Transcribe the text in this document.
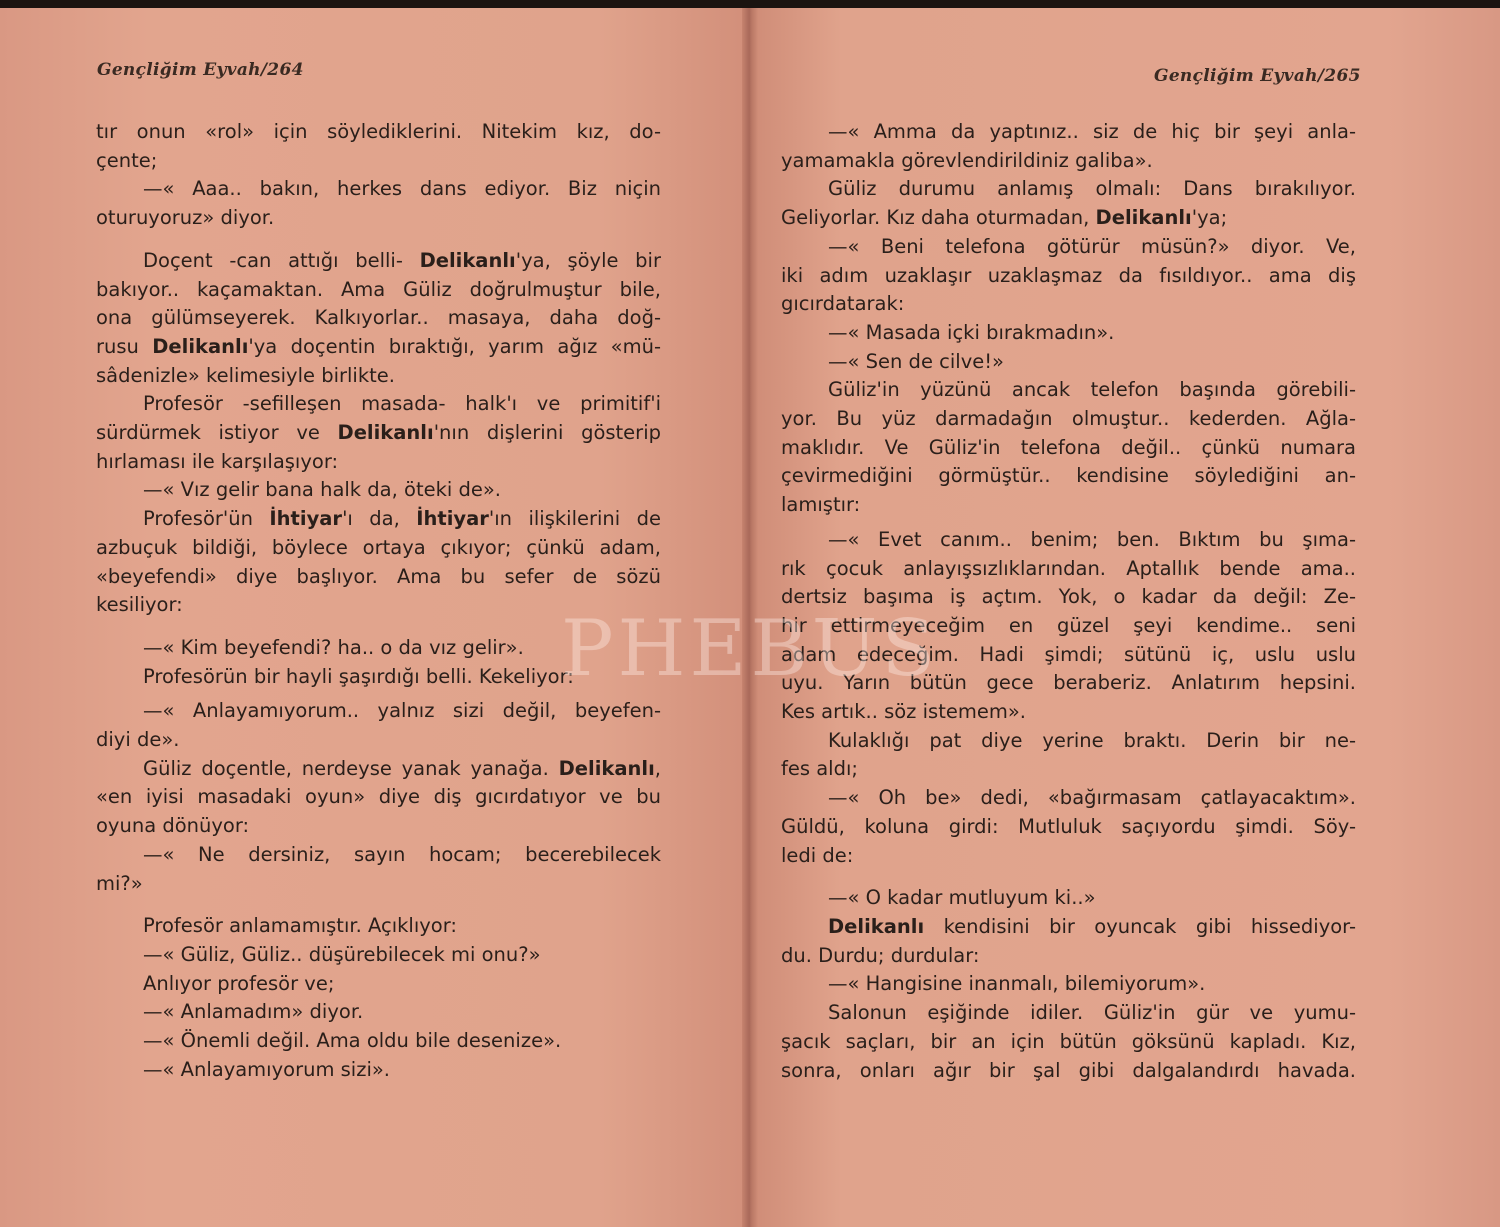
Gençliğim Eyvah/264
tır onun «rol» için söylediklerini. Nitekim kız, do-
çente;
—« Aaa.. bakın, herkes dans ediyor. Biz niçin
oturuyoruz» diyor.
Doçent -can attığı belli- Delikanlı'ya, şöyle bir
bakıyor.. kaçamaktan. Ama Güliz doğrulmuştur bile,
ona gülümseyerek. Kalkıyorlar.. masaya, daha doğ-
rusu Delikanlı'ya doçentin bıraktığı, yarım ağız «mü-
sâdenizle» kelimesiyle birlikte.
Profesör -sefilleşen masada- halk'ı ve primitif'i
sürdürmek istiyor ve Delikanlı'nın dişlerini gösterip
hırlaması ile karşılaşıyor:
—« Vız gelir bana halk da, öteki de».
Profesör'ün İhtiyar'ı da, İhtiyar'ın ilişkilerini de
azbuçuk bildiği, böylece ortaya çıkıyor; çünkü adam,
«beyefendi» diye başlıyor. Ama bu sefer de sözü
kesiliyor:
—« Kim beyefendi? ha.. o da vız gelir».
Profesörün bir hayli şaşırdığı belli. Kekeliyor:
—« Anlayamıyorum.. yalnız sizi değil, beyefen-
diyi de».
Güliz doçentle, nerdeyse yanak yanağa. Delikanlı,
«en iyisi masadaki oyun» diye diş gıcırdatıyor ve bu
oyuna dönüyor:
—« Ne dersiniz, sayın hocam; becerebilecek
mi?»
Profesör anlamamıştır. Açıklıyor:
—« Güliz, Güliz.. düşürebilecek mi onu?»
Anlıyor profesör ve;
—« Anlamadım» diyor.
—« Önemli değil. Ama oldu bile desenize».
—« Anlayamıyorum sizi».
Gençliğim Eyvah/265
—« Amma da yaptınız.. siz de hiç bir şeyi anla-
yamamakla görevlendirildiniz galiba».
Güliz durumu anlamış olmalı: Dans bırakılıyor.
Geliyorlar. Kız daha oturmadan, Delikanlı'ya;
—« Beni telefona götürür müsün?» diyor. Ve,
iki adım uzaklaşır uzaklaşmaz da fısıldıyor.. ama diş
gıcırdatarak:
—« Masada içki bırakmadın».
—« Sen de cilve!»
Güliz'in yüzünü ancak telefon başında görebili-
yor. Bu yüz darmadağın olmuştur.. kederden. Ağla-
maklıdır. Ve Güliz'in telefona değil.. çünkü numara
çevirmediğini görmüştür.. kendisine söylediğini an-
lamıştır:
—« Evet canım.. benim; ben. Bıktım bu şıma-
rık çocuk anlayışsızlıklarından. Aptallık bende ama..
dertsiz başıma iş açtım. Yok, o kadar da değil: Ze-
hir ettirmeyeceğim en güzel şeyi kendime.. seni
adam edeceğim. Hadi şimdi; sütünü iç, uslu uslu
uyu. Yarın bütün gece beraberiz. Anlatırım hepsini.
Kes artık.. söz istemem».
Kulaklığı pat diye yerine braktı. Derin bir ne-
fes aldı;
—« Oh be» dedi, «bağırmasam çatlayacaktım».
Güldü, koluna girdi: Mutluluk saçıyordu şimdi. Söy-
ledi de:
—« O kadar mutluyum ki..»
Delikanlı kendisini bir oyuncak gibi hissediyor-
du. Durdu; durdular:
—« Hangisine inanmalı, bilemiyorum».
Salonun eşiğinde idiler. Güliz'in gür ve yumu-
şacık saçları, bir an için bütün göksünü kapladı. Kız,
sonra, onları ağır bir şal gibi dalgalandırdı havada.
PHEBUS
